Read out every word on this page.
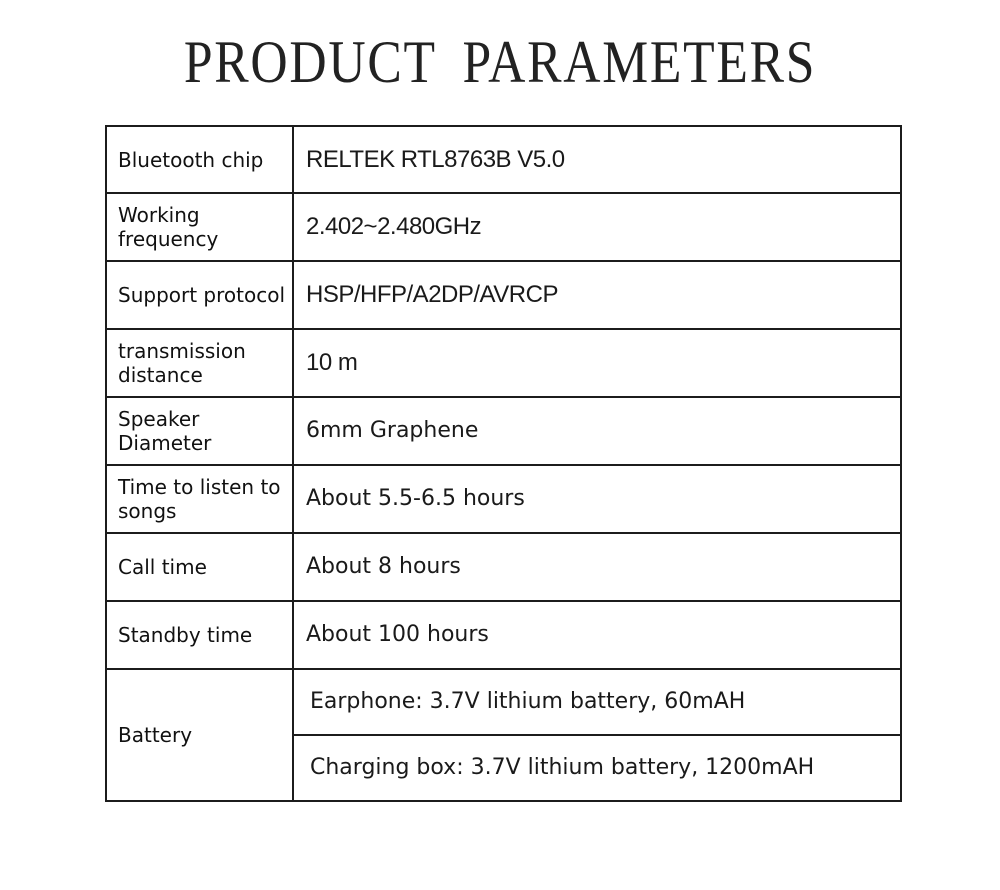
PRODUCT PARAMETERS
Bluetooth chip	RELTEK RTL8763B V5.0
Working frequency	2.402~2.480GHz
Support protocol	HSP/HFP/A2DP/AVRCP
transmission distance	10 m
Speaker Diameter	6mm Graphene
Time to listen to songs	About 5.5-6.5 hours
Call time	About 8 hours
Standby time	About 100 hours
Battery	Earphone: 3.7V lithium battery, 60mAH
	Charging box: 3.7V lithium battery, 1200mAH
